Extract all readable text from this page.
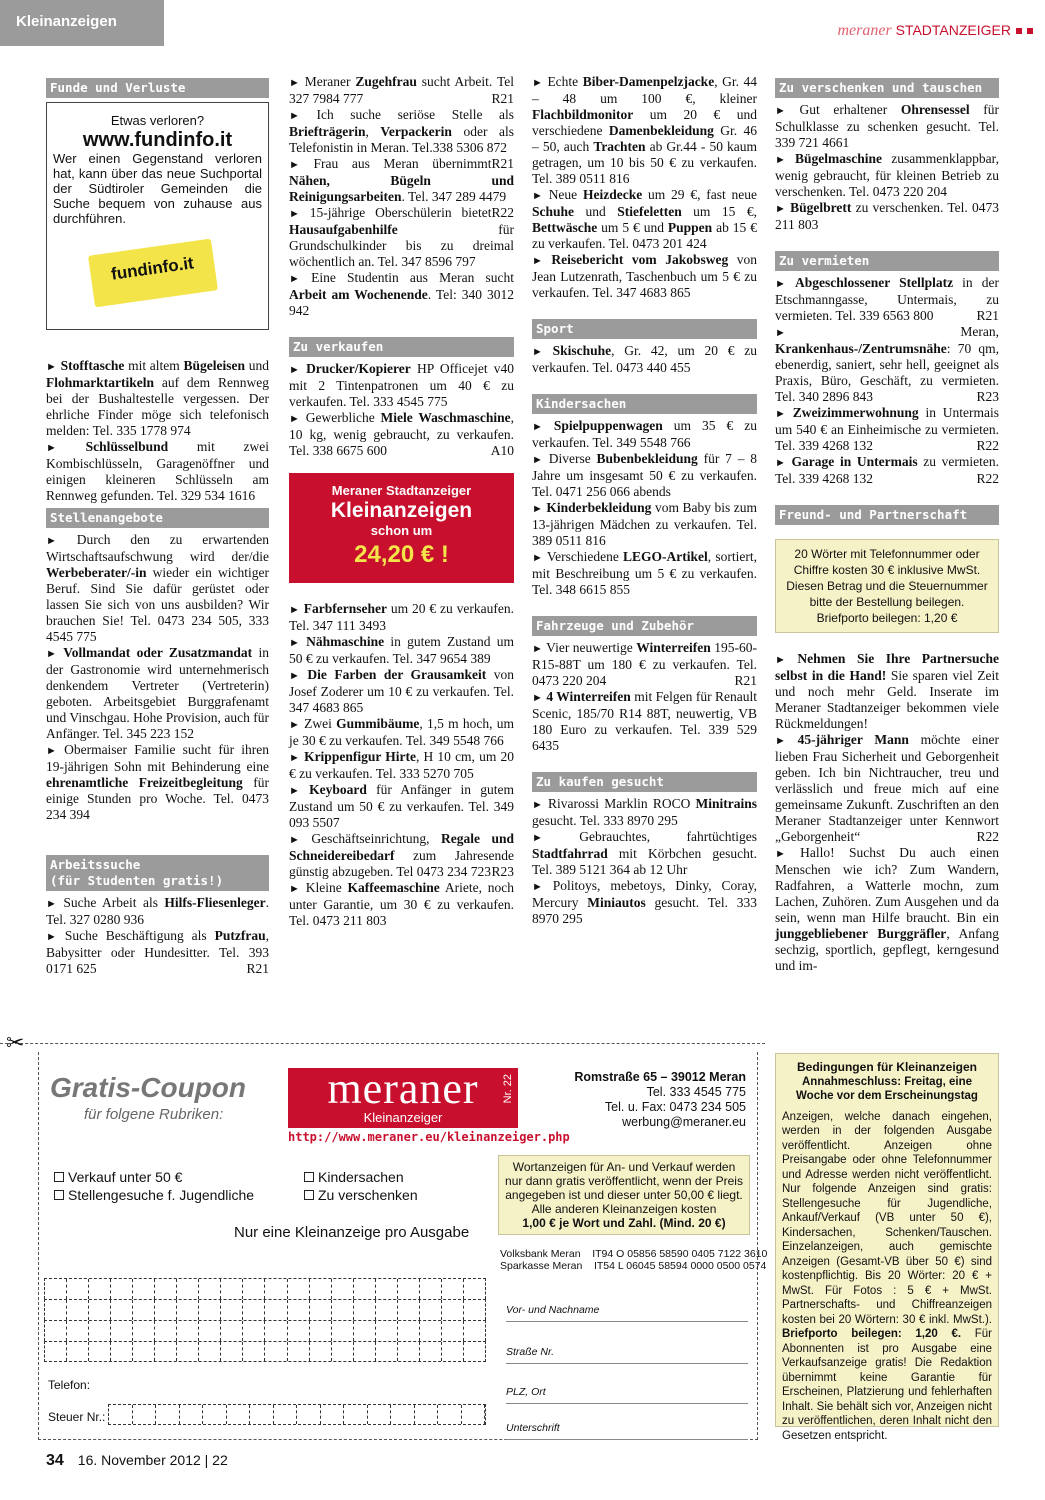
Kleinanzeigen
meraner STADTANZEIGER
Funde und Verluste
Etwas verloren?
www.fundinfo.it
Wer einen Gegenstand verloren hat, kann über das neue Suchportal der Südtiroler Gemeinden die Suche bequem von zuhause aus durchführen.
fundinfo.it
► Stofftasche mit altem Bügeleisen und Flohmarktartikeln auf dem Rennweg bei der Bushaltestelle vergessen. Der ehrliche Finder möge sich telefonisch melden: Tel. 335 1778 974
► Schlüsselbund mit zwei Kombischlüsseln, Garagenöffner und einigen kleineren Schlüsseln am Rennweg gefunden. Tel. 329 534 1616
Stellenangebote
► Durch den zu erwartenden Wirtschaftsaufschwung wird der/die Werbeberater/-in wieder ein wichtiger Beruf. Sind Sie dafür gerüstet oder lassen Sie sich von uns ausbilden? Wir brauchen Sie! Tel. 0473 234 505, 333 4545 775
► Vollmandat oder Zusatzmandat in der Gastronomie wird unternehmerisch denkendem Vertreter (Vertreterin) geboten. Arbeitsgebiet Burggrafenamt und Vinschgau. Hohe Provision, auch für Anfänger. Tel. 345 223 152
► Obermaiser Familie sucht für ihren 19-jährigen Sohn mit Behinderung eine ehrenamtliche Freizeitbegleitung für einige Stunden pro Woche. Tel. 0473 234 394
Arbeitssuche
(für Studenten gratis!)
► Suche Arbeit als Hilfs-Fliesenleger. Tel. 327 0280 936
► Suche Beschäftigung als Putzfrau, Babysitter oder Hundesitter. Tel. 393 0171 625	R21
► Meraner Zugehfrau sucht Arbeit. Tel 327 7984 777	R21
► Ich suche seriöse Stelle als Briefträgerin, Verpackerin oder als Telefonistin in Meran. Tel.338 5306 872
R21
► Frau aus Meran übernimmt Nähen, Bügeln und Reinigungsarbeiten. Tel. 347 289 4479
R22
► 15-jährige Oberschülerin bietet Hausaufgabenhilfe für Grundschulkinder bis zu dreimal wöchentlich an. Tel. 347 8596 797
► Eine Studentin aus Meran sucht Arbeit am Wochenende. Tel: 340 3012 942
Zu verkaufen
► Drucker/Kopierer HP Officejet v40 mit 2 Tintenpatronen um 40 € zu verkaufen. Tel. 333 4545 775
► Gewerbliche Miele Waschmaschine, 10 kg, wenig gebraucht, zu verkaufen. Tel. 338 6675 600	A10
Meraner Stadtanzeiger
Kleinanzeigen
schon um
24,20 € !
► Farbfernseher um 20 € zu verkaufen. Tel. 347 111 3493
► Nähmaschine in gutem Zustand um 50 € zu verkaufen. Tel. 347 9654 389
► Die Farben der Grausamkeit von Josef Zoderer um 10 € zu verkaufen. Tel. 347 4683 865
► Zwei Gummibäume, 1,5 m hoch, um je 30 € zu verkaufen. Tel. 349 5548 766
► Krippenfigur Hirte, H 10 cm, um 20 € zu verkaufen. Tel. 333 5270 705
► Keyboard für Anfänger in gutem Zustand um 50 € zu verkaufen. Tel. 349 093 5507
► Geschäftseinrichtung, Regale und Schneidereibedarf zum Jahresende günstig abzugeben. Tel 0473 234 723 R23
► Kleine Kaffeemaschine Ariete, noch unter Garantie, um 30 € zu verkaufen. Tel. 0473 211 803
► Echte Biber-Damenpelzjacke, Gr. 44 – 48 um 100 €, kleiner Flachbildmonitor um 20 € und verschiedene Damenbekleidung Gr. 46 – 50, auch Trachten ab Gr.44 - 50 kaum getragen, um 10 bis 50 € zu verkaufen. Tel. 389 0511 816
► Neue Heizdecke um 29 €, fast neue Schuhe und Stiefeletten um 15 €, Bettwäsche um 5 € und Puppen ab 15 € zu verkaufen. Tel. 0473 201 424
► Reisebericht vom Jakobsweg von Jean Lutzenrath, Taschenbuch um 5 € zu verkaufen. Tel. 347 4683 865
Sport
► Skischuhe, Gr. 42, um 20 € zu verkaufen. Tel. 0473 440 455
Kindersachen
► Spielpuppenwagen um 35 € zu verkaufen. Tel. 349 5548 766
► Diverse Bubenbekleidung für 7 – 8 Jahre um insgesamt 50 € zu verkaufen. Tel. 0471 256 066 abends
► Kinderbekleidung vom Baby bis zum 13-jährigen Mädchen zu verkaufen. Tel. 389 0511 816
► Verschiedene LEGO-Artikel, sortiert, mit Beschreibung um 5 € zu verkaufen. Tel. 348 6615 855
Fahrzeuge und Zubehör
► Vier neuwertige Winterreifen 195-60-R15-88T um 180 € zu verkaufen. Tel. 0473 220 204	R21
► 4 Winterreifen mit Felgen für Renault Scenic, 185/70 R14 88T, neuwertig, VB 180 Euro zu verkaufen. Tel. 339 529 6435
Zu kaufen gesucht
► Rivarossi Marklin ROCO Minitrains gesucht. Tel. 333 8970 295
►	Gebrauchtes, fahrtüchtiges Stadtfahrrad mit Körbchen gesucht. Tel. 389 5121 364 ab 12 Uhr
► Politoys, mebetoys, Dinky, Coray, Mercury Miniautos gesucht. Tel. 333 8970 295
Zu verschenken und tauschen
► Gut erhaltener Ohrensessel für Schulklasse zu schenken gesucht. Tel. 339 721 4661
► Bügelmaschine zusammenklappbar, wenig gebraucht, für kleinen Betrieb zu verschenken. Tel. 0473 220 204
► Bügelbrett zu verschenken. Tel. 0473 211 803
Zu vermieten
► Abgeschlossener Stellplatz in der Etschmanngasse, Untermais, zu vermieten. Tel. 339 6563 800	R21
►	Meran, Krankenhaus-/Zentrumsnähe: 70 qm, ebenerdig, saniert, sehr hell, geeignet als Praxis, Büro, Geschäft, zu vermieten. Tel. 340 2896 843	R23
► Zweizimmerwohnung in Untermais um 540 € an Einheimische zu vermieten. Tel. 339 4268 132	R22
► Garage in Untermais zu vermieten. Tel. 339 4268 132	R22
Freund- und Partnerschaft
20 Wörter mit Telefonnummer oder Chiffre kosten 30 € inklusive MwSt. Diesen Betrag und die Steuernummer bitte der Bestellung beilegen. Briefporto beilegen: 1,20 €
► Nehmen Sie Ihre Partnersuche selbst in die Hand! Sie sparen viel Zeit und noch mehr Geld. Inserate im Meraner Stadtanzeiger bekommen viele Rückmeldungen!
► 45-jähriger Mann möchte einer lieben Frau Sicherheit und Geborgenheit geben. Ich bin Nichtraucher, treu und verlässlich und freue mich auf eine gemeinsame Zukunft. Zuschriften an den Meraner Stadtanzeiger unter Kennwort „Geborgenheit“	R22
► Hallo! Suchst Du auch einen Menschen wie ich? Zum Wandern, Radfahren, a Watterle mochn, zum Lachen, Zuhören. Zum Ausgehen und da sein, wenn man Hilfe braucht. Bin ein junggebliebener Burggräfler, Anfang sechzig, sportlich, gepflegt, kerngesund und im-
✂
Gratis-Coupon
für folgene Rubriken:
meraner
Kleinanzeiger
Nr. 22
http://www.meraner.eu/kleinanzeiger.php
Romstraße 65 – 39012 Meran
Tel. 333 4545 775
Tel. u. Fax: 0473 234 505
werbung@meraner.eu
Verkauf unter 50 €
Stellengesuche f. Jugendliche
Kindersachen
Zu verschenken
Nur eine Kleinanzeige pro Ausgabe
Wortanzeigen für An- und Verkauf werden nur dann gratis veröffentlicht, wenn der Preis angegeben ist und dieser unter 50,00 € liegt.
Alle anderen Kleinanzeigen kosten
1,00 € je Wort und Zahl. (Mind. 20 €)
Volksbank Meran    IT94 O 05856 58590 0405 7122 3610
Sparkasse Meran    IT54 L 06045 58594 0000 0500 0574
Telefon:
Steuer Nr.:
Vor- und Nachname
Straße Nr.
PLZ, Ort
Unterschrift
Bedingungen für Kleinanzeigen
Annahmeschluss: Freitag, eine Woche vor dem Erscheinungstag
Anzeigen, welche danach eingehen, werden in der folgenden Ausgabe veröffentlicht. Anzeigen ohne Preisangabe oder ohne Telefonnummer und Adresse werden nicht veröffentlicht. Nur folgende Anzeigen sind gratis: Stellengesuche für Jugendliche, Ankauf/Verkauf (VB unter 50 €), Kindersachen, Schenken/Tauschen. Einzelanzeigen, auch gemischte Anzeigen (Gesamt-VB über 50 €) sind kostenpflichtig. Bis 20 Wörter: 20 € + MwSt. Für Fotos : 5 € + MwSt. Partnerschafts- und Chiffreanzeigen kosten bei 20 Wörtern: 30 € inkl. MwSt.). Briefporto beilegen: 1,20 €. Für Abonnenten ist pro Ausgabe eine Verkaufsanzeige gratis! Die Redaktion übernimmt keine Garantie für Erscheinen, Platzierung und fehlerhaften Inhalt. Sie behält sich vor, Anzeigen nicht zu veröffentlichen, deren Inhalt nicht den Gesetzen entspricht.
34 16. November 2012 | 22
